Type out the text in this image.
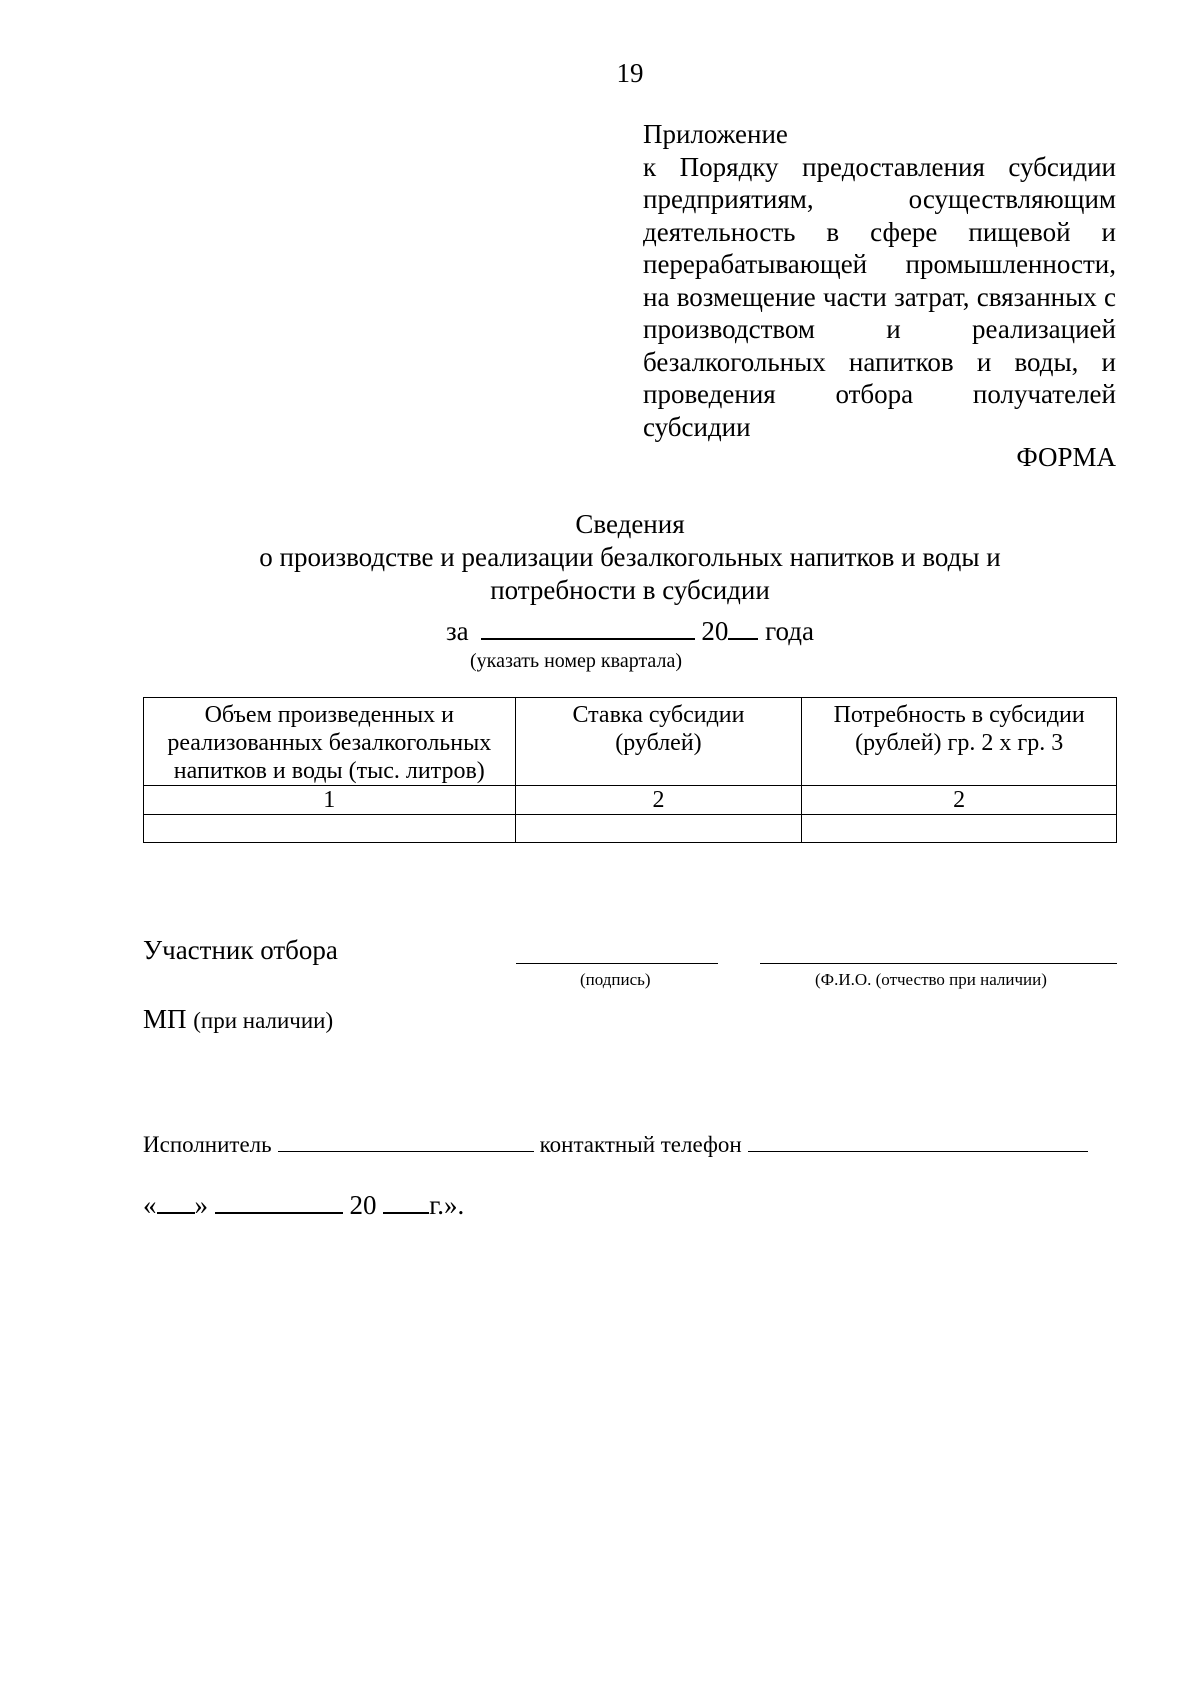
19
Приложение
к Порядку предоставления субсидии предприятиям, осуществляющим деятельность в сфере пищевой и перерабатывающей промышленности, на возмещение части затрат, связанных с производством и реализацией безалкогольных напитков и воды, и проведения отбора получателей субсидии
ФОРМА
Сведения
о производстве и реализации безалкогольных напитков и воды и
потребности в субсидии
за	20 года
(указать номер квартала)
Объем произведенных и реализованных безалкогольных напитков и воды (тыс. литров)	Ставка субсидии (рублей)	Потребность в субсидии (рублей) гр. 2 х гр. 3
1	2	2

Участник отбора
(подпись)	(Ф.И.О. (отчество при наличии)
МП (при наличии)
Исполнитель	контактный телефон
« »	20 г.».
